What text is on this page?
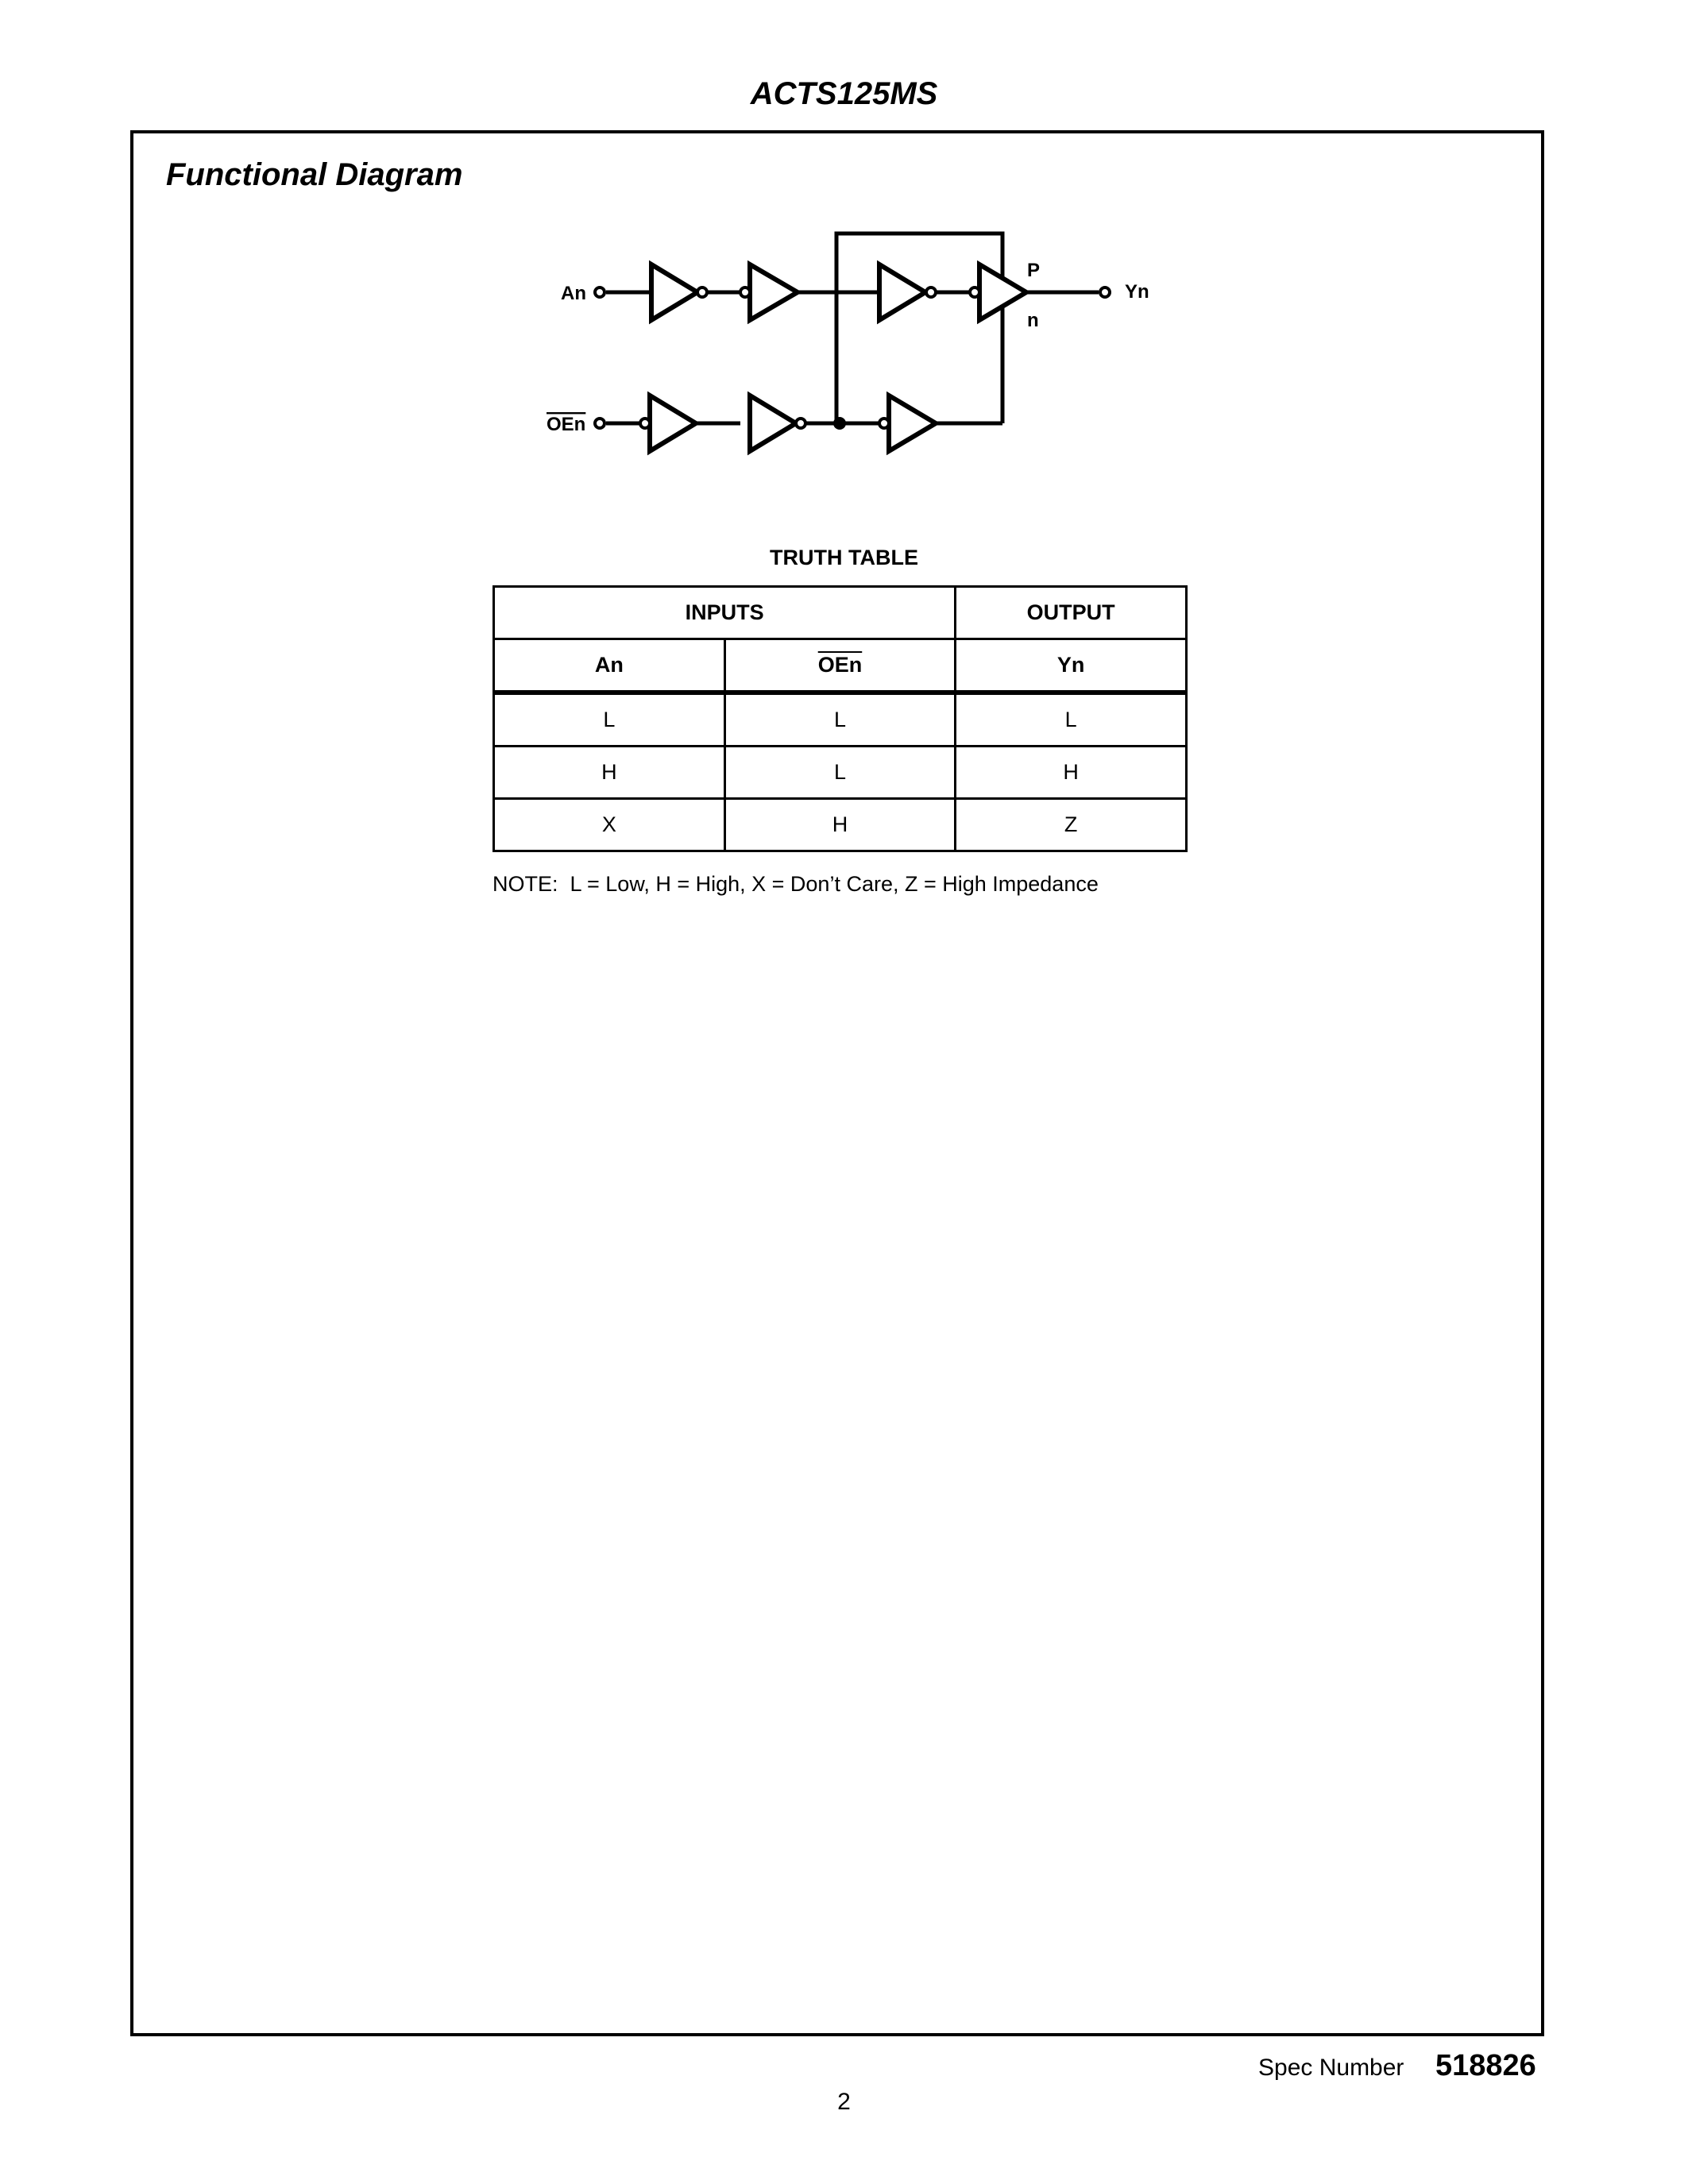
ACTS125MS
Functional Diagram
An
OEn
Yn
P
n
TRUTH TABLE
INPUTS		OUTPUT
An	$\overline{OEn}$	Yn
L	L	L
H	L	H
X	H	Z
NOTE:  L = Low, H = High, X = Don’t Care, Z = High Impedance
Spec Number 518826
2
